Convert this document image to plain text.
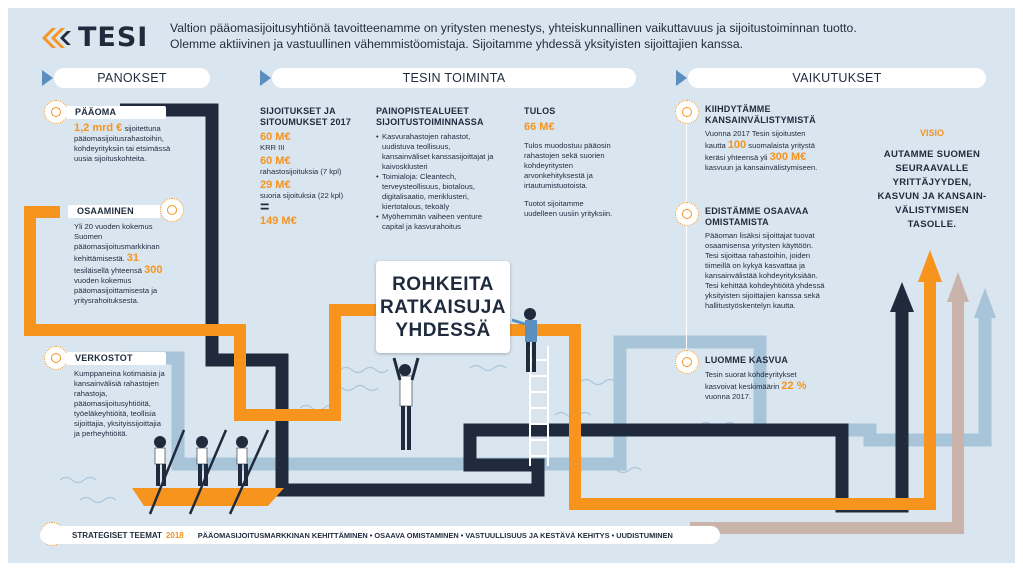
TESI Valtion pääomasijoitusyhtiönä tavoitteenamme on yritysten menestys, yhteiskunnallinen vaikuttavuus ja sijoitustoiminnan tuotto.
Olemme aktiivinen ja vastuullinen vähemmistöomistaja. Sijoitamme yhdessä yksityisten sijoittajien kanssa.
PANOKSET	TESIN TOIMINTA	VAIKUTUKSET
PÄÄOMA
1,2 mrd € sijoitettuna pääomasijoitusrahastoihin, kohdeyrityksiin tai etsimässä uusia sijoituskohteita.
OSAAMINEN
Yli 20 vuoden kokemus Suomen pääomasijoitusmarkkinan kehittämisestä. 31 tesiläisellä yhteensä 300 vuoden kokemus pääomasijoittamisesta ja yritysrahoituksesta.
VERKOSTOT
Kumppaneina kotimaisia ja kansainvälisiä rahastojen rahastoja, pääomasijoitusyhtiöitä, työeläkeyhtiöitä, teollisia sijoittajia, yksityissijoittajia ja perheyhtiöitä.
SIJOITUKSET JA SITOUMUKSET 2017
60 M€
KRR III
60 M€
rahastosijoituksia (7 kpl)
29 M€
suoria sijoituksia (22 kpl)
=
149 M€
PAINOPISTEALUEET SIJOITUSTOIMINNASSA
• Kasvurahastojen rahastot, uudistuva teollisuus, kansainväliset kanssasijoittajat ja kaivosklusteri
• Toimialoja: Cleantech, terveysteollisuus, biotalous, digitalisaatio, meriklusteri, kiertotalous, tekoäly
• Myöhemmän vaiheen venture capital ja kasvurahoitus
TULOS
66 M€
Tulos muodostuu pääosin rahastojen sekä suorien kohdeyritysten arvonkehityksestä ja irtautumistuotoista.
Tuotot sijoitamme uudelleen uusiin yrityksiin.
ROHKEITA
RATKAISUJA
YHDESSÄ
KIIHDYTÄMME KANSAINVÄLISTYMISTÄ
Vuonna 2017 Tesin sijoitusten kautta 100 suomalaista yritystä keräsi yhteensä yli 300 M€ kasvuun ja kansainvälistymiseen.
EDISTÄMME OSAAVAA OMISTAMISTA
Pääoman lisäksi sijoittajat tuovat osaamisensa yritysten käyttöön. Tesi sijoittaa rahastoihin, joiden tiimeillä on kykyä kasvattaa ja kansainvälistää kohdeyrityksiään. Tesi kehittää kohdeyhtiöitä yhdessä yksityisten sijoittajien kanssa sekä hallitustyöskentelyn kautta.
LUOMME KASVUA
Tesin suorat kohdeyritykset kasvoivat keskimäärin 22 % vuonna 2017.
VISIO
AUTAMME SUOMEN
SEURAAVALLE
YRITTÄJYYDEN,
KASVUN JA KANSAIN-
VÄLISTYMISEN
TASOLLE.
STRATEGISET TEEMAT 2018 PÄÄOMASIJOITUSMARKKINAN KEHITTÄMINEN • OSAAVA OMISTAMINEN • VASTUULLISUUS JA KESTÄVÄ KEHITYS • UUDISTUMINEN
